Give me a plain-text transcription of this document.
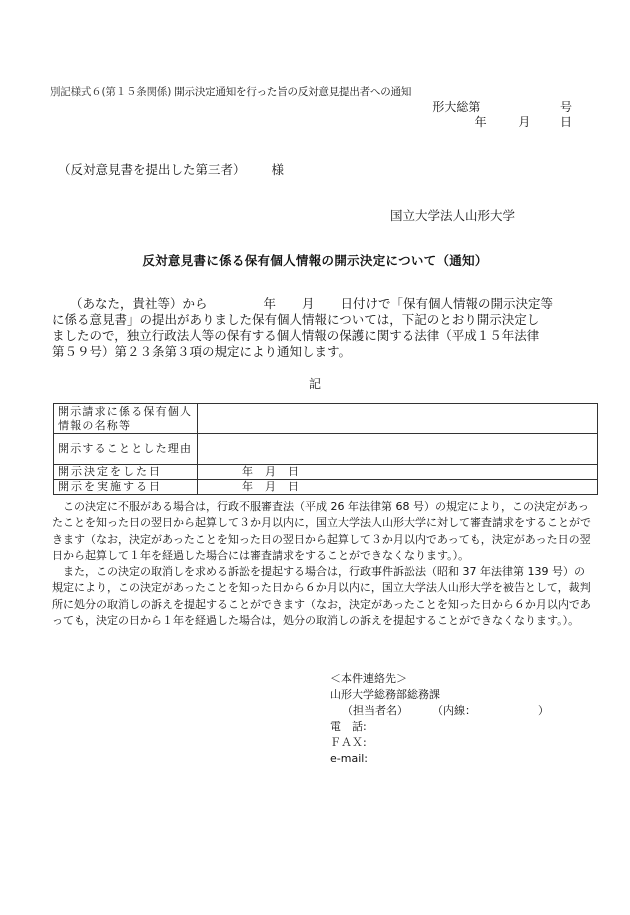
別記様式６(第１５条関係) 開示決定通知を行った旨の反対意見提出者への通知
形大総第	号
年	月 日
（反対意見書を提出した第三者） 様
国立大学法人山形大学
反対意見書に係る保有個人情報の開示決定について（通知）

（あなた，貴社等）から	年 月 日付けで「保有個人情報の開示決定等

に係る意見書」の提出がありました保有個人情報については，下記のとおり開示決定し

ましたので，独立行政法人等の保有する個人情報の保護に関する法律（平成１５年法律

第５９号）第２３条第３項の規定により通知します。

記
開示請求に係る保有個人情報の名称等	
開示することとした理由	
開示決定をした日	年 月 日
開示を実施する日	年 月 日

　この決定に不服がある場合は，行政不服審査法（平成 26 年法律第 68 号）の規定により，この決定があったことを知った日の翌日から起算して３か月以内に，国立大学法人山形大学に対して審査請求をすることができます（なお，決定があったことを知った日の翌日から起算して３か月以内であっても，決定があった日の翌日から起算して１年を経過した場合には審査請求をすることができなくなります。）。

　また，この決定の取消しを求める訴訟を提起する場合は，行政事件訴訟法（昭和 37 年法律第 139 号）の規定により，この決定があったことを知った日から６か月以内に，国立大学法人山形大学を被告として，裁判所に処分の取消しの訴えを提起することができます（なお，決定があったことを知った日から６か月以内であっても，決定の日から１年を経過した場合は，処分の取消しの訴えを提起することができなくなります。）。

＜本件連絡先＞
山形大学総務部総務課
（担当者名） （内線：	）
電　話:
ＦＡＸ:
e-mail:
